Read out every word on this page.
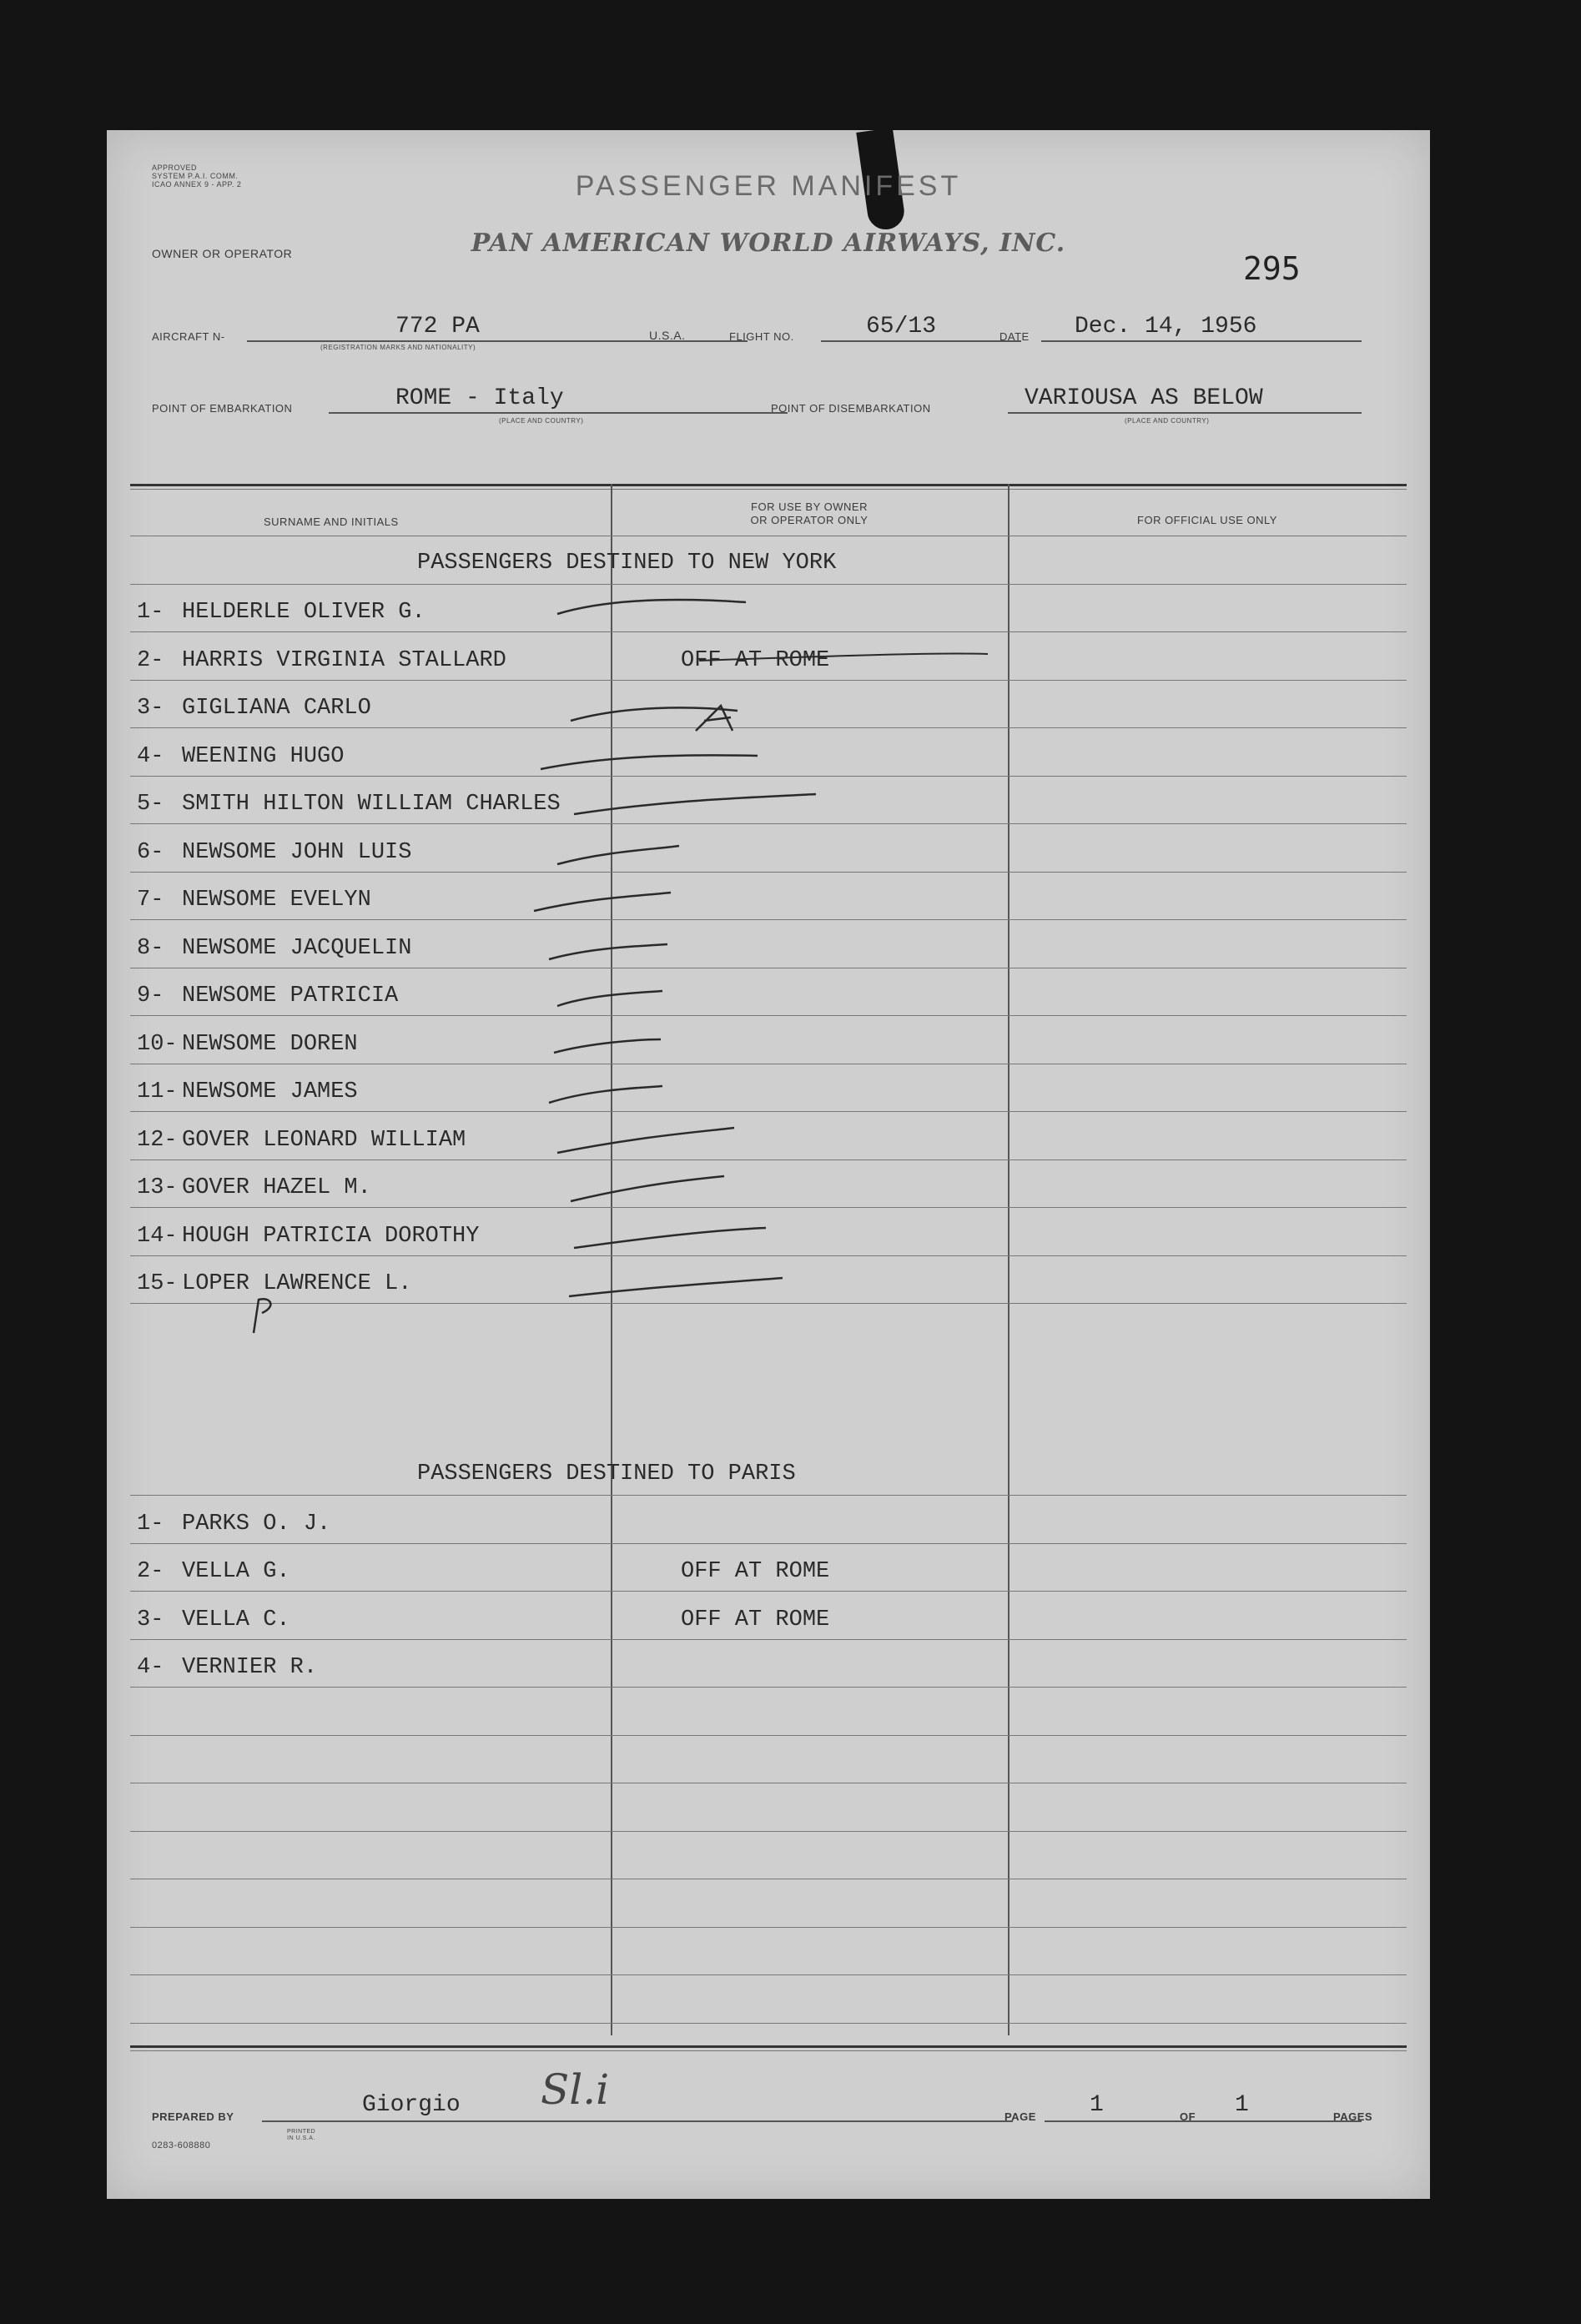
APPROVED
SYSTEM P.A.I. COMM.
ICAO ANNEX 9 - APP. 2	PASSENGER MANIFEST
OWNER OR OPERATOR	PAN AMERICAN WORLD AIRWAYS, INC.
295
AIRCRAFT N-	772 PA
(REGISTRATION MARKS AND NATIONALITY)
U.S.A.	FLIGHT NO.	65/13	DATE Dec. 14, 1956
POINT OF EMBARKATION	ROME - Italy
(PLACE AND COUNTRY)
POINT OF DISEMBARKATION	VARIOUSA AS BELOW
(PLACE AND COUNTRY)
SURNAME AND INITIALS
FOR USE BY OWNER
OR OPERATOR ONLY	FOR OFFICIAL USE ONLY
PASSENGERS DESTINED TO NEW YORK
1- HELDERLE OLIVER G.
2- HARRIS VIRGINIA STALLARD	OFF AT ROME
3- GIGLIANA CARLO
4- WEENING HUGO
5- SMITH HILTON WILLIAM CHARLES
6- NEWSOME JOHN LUIS
7- NEWSOME EVELYN
8- NEWSOME JACQUELIN
9- NEWSOME PATRICIA
10- NEWSOME DOREN
11- NEWSOME JAMES
12- GOVER LEONARD WILLIAM
13- GOVER HAZEL M.
14- HOUGH PATRICIA DOROTHY
15- LOPER LAWRENCE L.
PASSENGERS DESTINED TO PARIS
1- PARKS O. J.
2- VELLA G.	OFF AT ROME
3- VELLA C.	OFF AT ROME
4- VERNIER R.
PREPARED BY	Giorgio Sl.i
PAGE 1	OF 1	PAGES
0283-608880
PRINTED IN U.S.A.
